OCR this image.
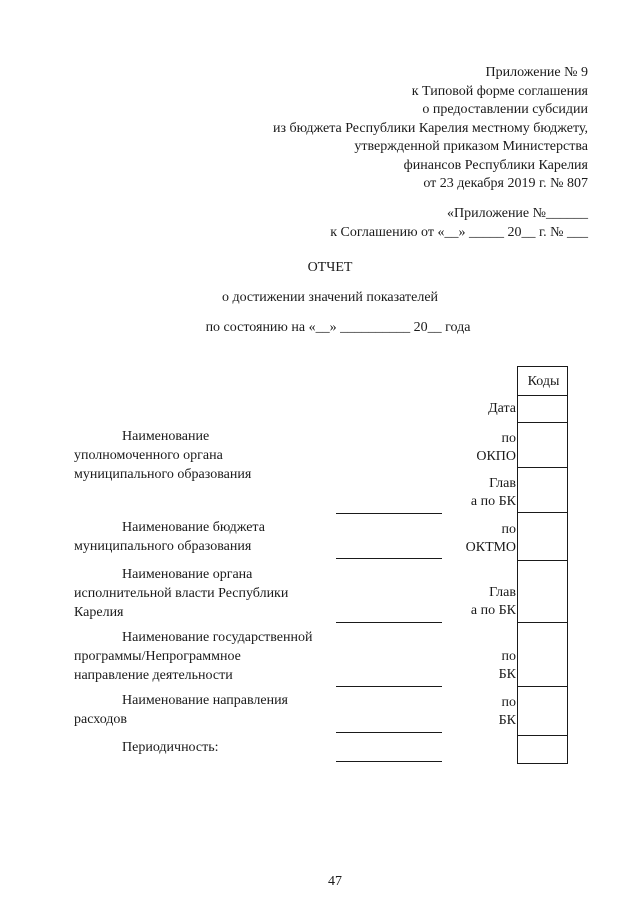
Приложение № 9
к Типовой форме соглашения
о предоставлении субсидии
из бюджета Республики Карелия местному бюджету,
утвержденной приказом Министерства
финансов Республики Карелия
от 23 декабря 2019 г. № 807
«Приложение №______
к Соглашению от «__» _____ 20__ г. № ___
ОТЧЕТ
о достижении значений показателей
по состоянию на «__» __________ 20__ года
Коды
Дата
по
ОКПО
Глав
а по БК
по
ОКТМО
Глав
а по БК
по
БК
по
БК
Наименование
уполномоченного органа
муниципального образования
Наименование бюджета
муниципального образования
Наименование органа
исполнительной власти Республики
Карелия
Наименование государственной
программы/Непрограммное
направление деятельности
Наименование направления
расходов
Периодичность:
47
